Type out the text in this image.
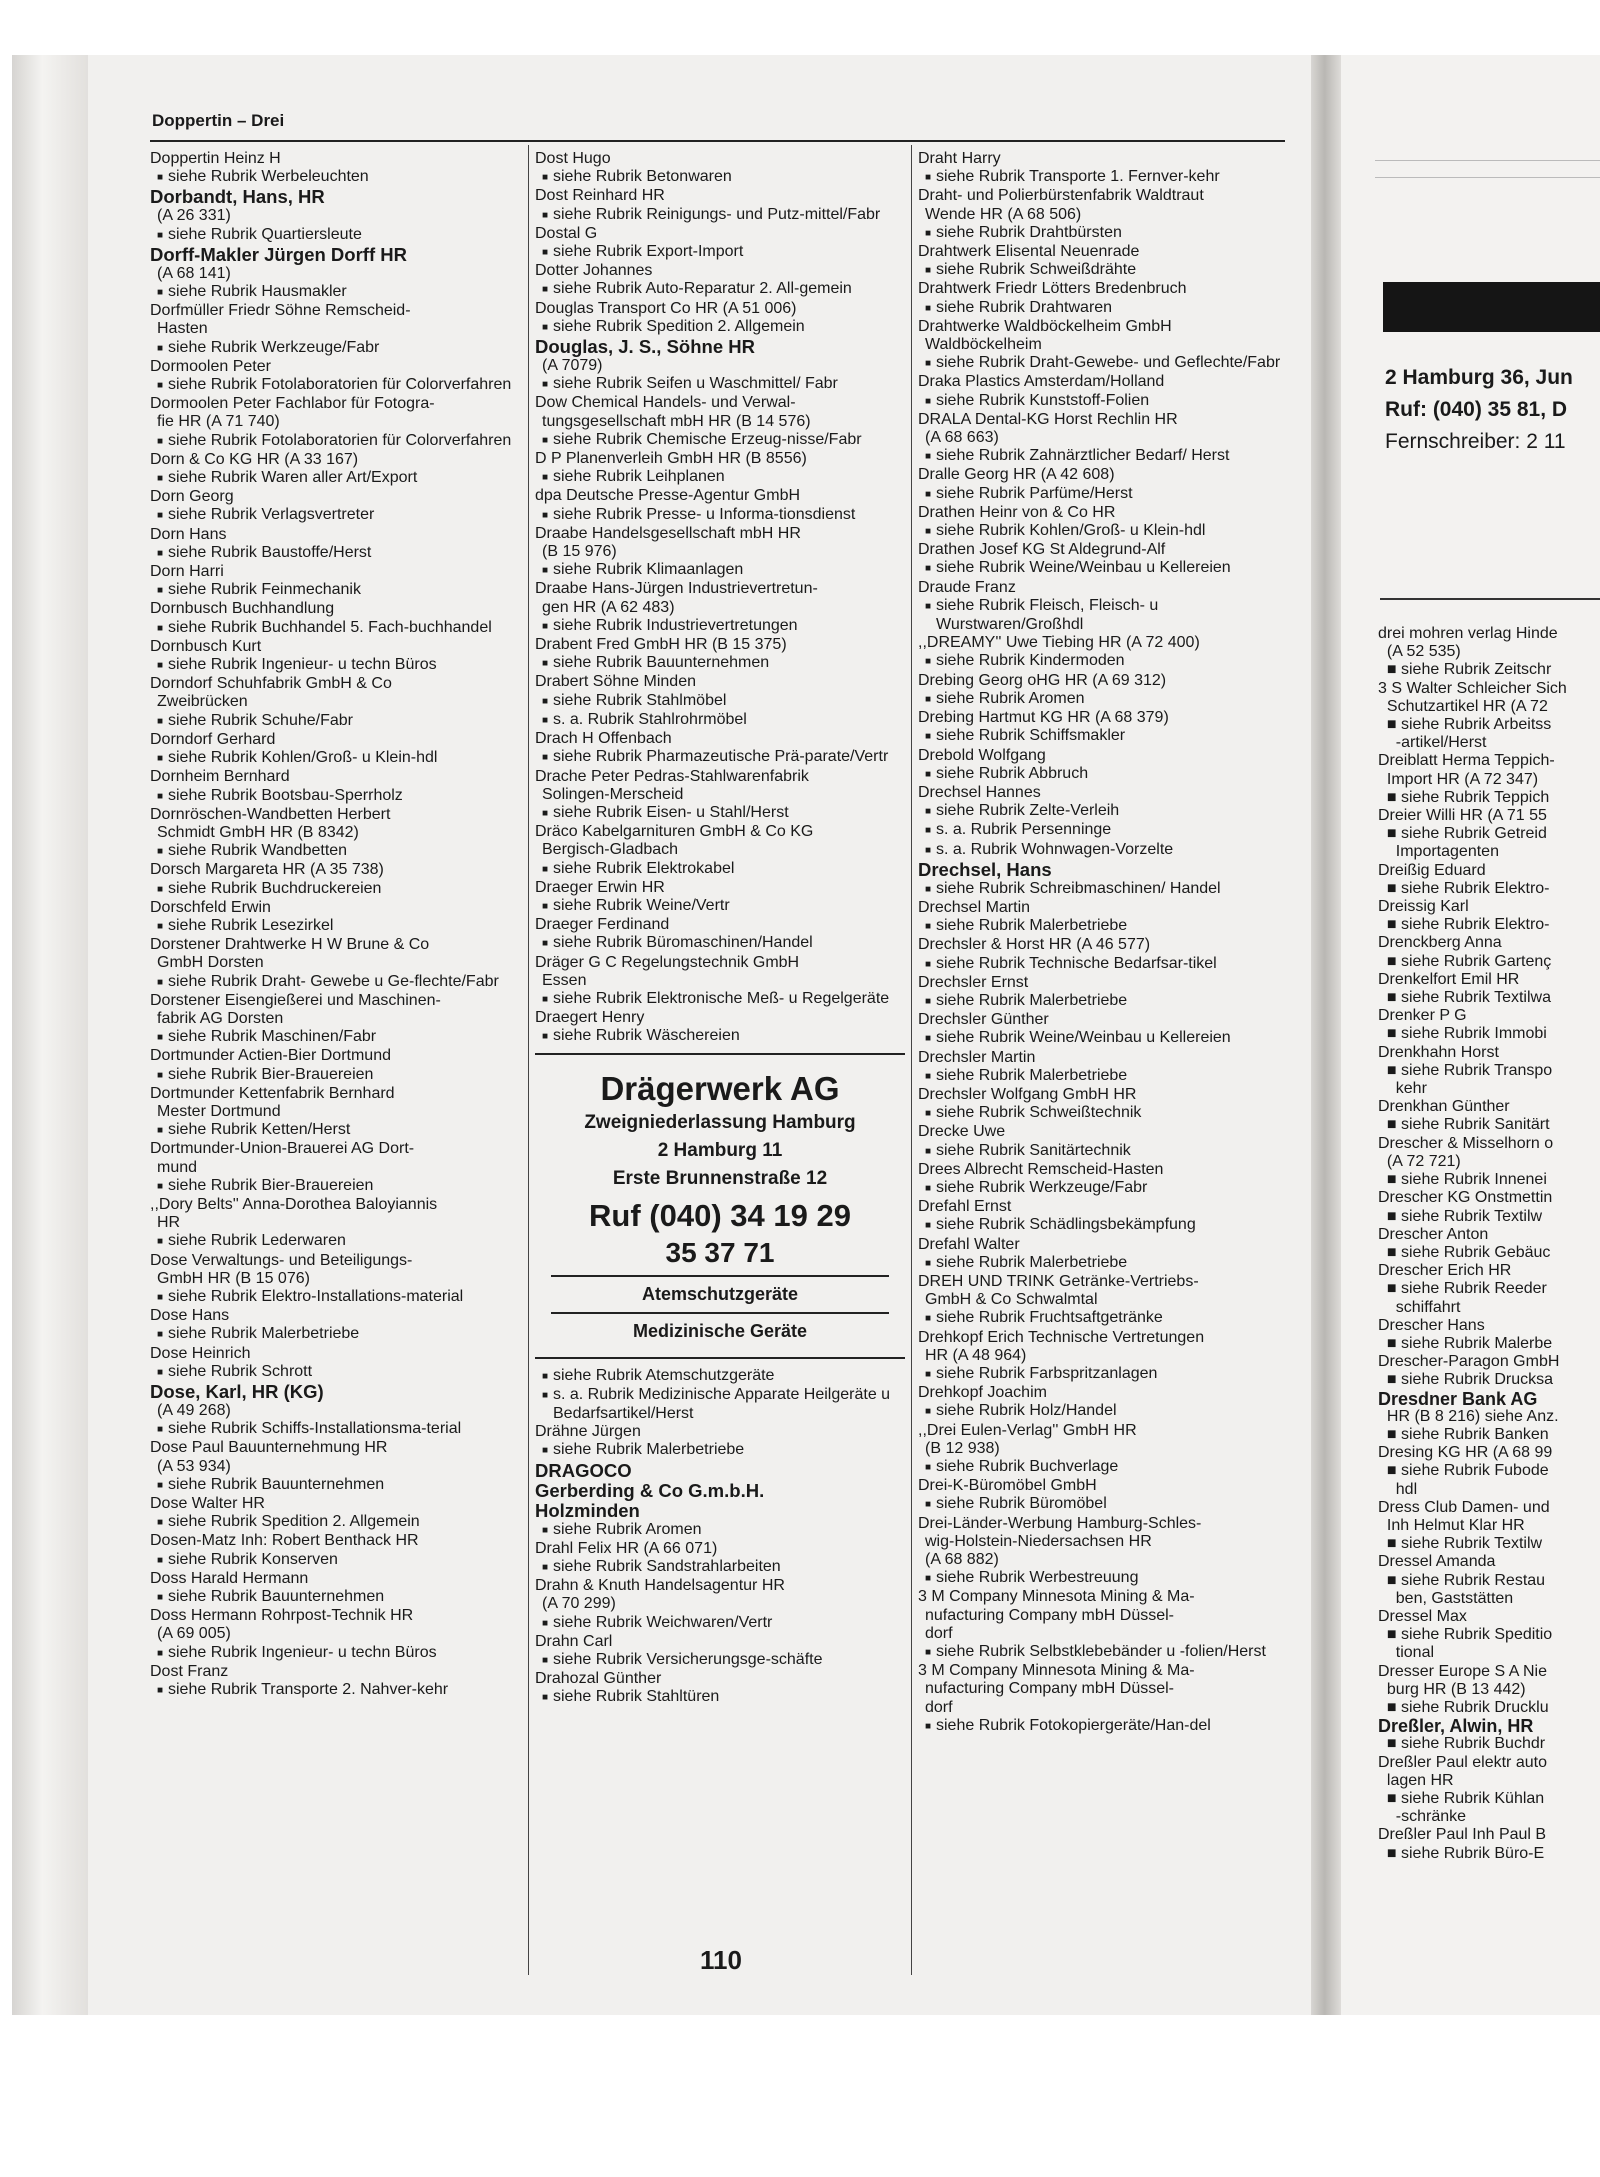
Doppertin – Drei
Doppertin Heinz H
■ siehe Rubrik Werbeleuchten
Dorbandt, Hans, HR
(A 26 331)
■ siehe Rubrik Quartiersleute
Dorff-Makler Jürgen Dorff HR
(A 68 141)
■ siehe Rubrik Hausmakler
Dorfmüller Friedr Söhne Remscheid-
Hasten
■ siehe Rubrik Werkzeuge/Fabr
Dormoolen Peter
■ siehe Rubrik Fotolaboratorien für Colorverfahren
Dormoolen Peter Fachlabor für Fotogra-
fie HR (A 71 740)
■ siehe Rubrik Fotolaboratorien für Colorverfahren
Dorn & Co KG HR (A 33 167)
■ siehe Rubrik Waren aller Art/Export
Dorn Georg
■ siehe Rubrik Verlagsvertreter
Dorn Hans
■ siehe Rubrik Baustoffe/Herst
Dorn Harri
■ siehe Rubrik Feinmechanik
Dornbusch Buchhandlung
■ siehe Rubrik Buchhandel 5. Fach-buchhandel
Dornbusch Kurt
■ siehe Rubrik Ingenieur- u techn Büros
Dorndorf Schuhfabrik GmbH & Co
Zweibrücken
■ siehe Rubrik Schuhe/Fabr
Dorndorf Gerhard
■ siehe Rubrik Kohlen/Groß- u Klein-hdl
Dornheim Bernhard
■ siehe Rubrik Bootsbau-Sperrholz
Dornröschen-Wandbetten Herbert
Schmidt GmbH HR (B 8342)
■ siehe Rubrik Wandbetten
Dorsch Margareta HR (A 35 738)
■ siehe Rubrik Buchdruckereien
Dorschfeld Erwin
■ siehe Rubrik Lesezirkel
Dorstener Drahtwerke H W Brune & Co
GmbH Dorsten
■ siehe Rubrik Draht- Gewebe u Ge-flechte/Fabr
Dorstener Eisengießerei und Maschinen-
fabrik AG Dorsten
■ siehe Rubrik Maschinen/Fabr
Dortmunder Actien-Bier Dortmund
■ siehe Rubrik Bier-Brauereien
Dortmunder Kettenfabrik Bernhard
Mester Dortmund
■ siehe Rubrik Ketten/Herst
Dortmunder-Union-Brauerei AG Dort-
mund
■ siehe Rubrik Bier-Brauereien
,,Dory Belts'' Anna-Dorothea Baloyiannis
HR
■ siehe Rubrik Lederwaren
Dose Verwaltungs- und Beteiligungs-
GmbH HR (B 15 076)
■ siehe Rubrik Elektro-Installations-material
Dose Hans
■ siehe Rubrik Malerbetriebe
Dose Heinrich
■ siehe Rubrik Schrott
Dose, Karl, HR (KG)
(A 49 268)
■ siehe Rubrik Schiffs-Installationsma-terial
Dose Paul Bauunternehmung HR
(A 53 934)
■ siehe Rubrik Bauunternehmen
Dose Walter HR
■ siehe Rubrik Spedition 2. Allgemein
Dosen-Matz Inh: Robert Benthack HR
■ siehe Rubrik Konserven
Doss Harald Hermann
■ siehe Rubrik Bauunternehmen
Doss Hermann Rohrpost-Technik HR
(A 69 005)
■ siehe Rubrik Ingenieur- u techn Büros
Dost Franz
■ siehe Rubrik Transporte 2. Nahver-kehr
Dost Hugo
■ siehe Rubrik Betonwaren
Dost Reinhard HR
■ siehe Rubrik Reinigungs- und Putz-mittel/Fabr
Dostal G
■ siehe Rubrik Export-Import
Dotter Johannes
■ siehe Rubrik Auto-Reparatur 2. All-gemein
Douglas Transport Co HR (A 51 006)
■ siehe Rubrik Spedition 2. Allgemein
Douglas, J. S., Söhne HR
(A 7079)
■ siehe Rubrik Seifen u Waschmittel/ Fabr
Dow Chemical Handels- und Verwal-
tungsgesellschaft mbH HR (B 14 576)
■ siehe Rubrik Chemische Erzeug-nisse/Fabr
D P Planenverleih GmbH HR (B 8556)
■ siehe Rubrik Leihplanen
dpa Deutsche Presse-Agentur GmbH
■ siehe Rubrik Presse- u Informa-tionsdienst
Draabe Handelsgesellschaft mbH HR
(B 15 976)
■ siehe Rubrik Klimaanlagen
Draabe Hans-Jürgen Industrievertretun-
gen HR (A 62 483)
■ siehe Rubrik Industrievertretungen
Drabent Fred GmbH HR (B 15 375)
■ siehe Rubrik Bauunternehmen
Drabert Söhne Minden
■ siehe Rubrik Stahlmöbel
■ s. a. Rubrik Stahlrohrmöbel
Drach H Offenbach
■ siehe Rubrik Pharmazeutische Prä-parate/Vertr
Drache Peter Pedras-Stahlwarenfabrik
Solingen-Merscheid
■ siehe Rubrik Eisen- u Stahl/Herst
Dräco Kabelgarnituren GmbH & Co KG
Bergisch-Gladbach
■ siehe Rubrik Elektrokabel
Draeger Erwin HR
■ siehe Rubrik Weine/Vertr
Draeger Ferdinand
■ siehe Rubrik Büromaschinen/Handel
Dräger G C Regelungstechnik GmbH
Essen
■ siehe Rubrik Elektronische Meß- u Regelgeräte
Draegert Henry
■ siehe Rubrik Wäschereien
Drägerwerk AG
Zweigniederlassung Hamburg
2 Hamburg 11
Erste Brunnenstraße 12
Ruf (040) 34 19 29
35 37 71
Atemschutzgeräte
Medizinische Geräte
■ siehe Rubrik Atemschutzgeräte
■ s. a. Rubrik Medizinische Apparate Heilgeräte u Bedarfsartikel/Herst
Drähne Jürgen
■ siehe Rubrik Malerbetriebe
DRAGOCO
Gerberding & Co G.m.b.H.
Holzminden
■ siehe Rubrik Aromen
Drahl Felix HR (A 66 071)
■ siehe Rubrik Sandstrahlarbeiten
Drahn & Knuth Handelsagentur HR
(A 70 299)
■ siehe Rubrik Weichwaren/Vertr
Drahn Carl
■ siehe Rubrik Versicherungsge-schäfte
Drahozal Günther
■ siehe Rubrik Stahltüren
Draht Harry
■ siehe Rubrik Transporte 1. Fernver-kehr
Draht- und Polierbürstenfabrik Waldtraut
Wende HR (A 68 506)
■ siehe Rubrik Drahtbürsten
Drahtwerk Elisental Neuenrade
■ siehe Rubrik Schweißdrähte
Drahtwerk Friedr Lötters Bredenbruch
■ siehe Rubrik Drahtwaren
Drahtwerke Waldböckelheim GmbH
Waldböckelheim
■ siehe Rubrik Draht-Gewebe- und Geflechte/Fabr
Draka Plastics Amsterdam/Holland
■ siehe Rubrik Kunststoff-Folien
DRALA Dental-KG Horst Rechlin HR
(A 68 663)
■ siehe Rubrik Zahnärztlicher Bedarf/ Herst
Dralle Georg HR (A 42 608)
■ siehe Rubrik Parfüme/Herst
Drathen Heinr von & Co HR
■ siehe Rubrik Kohlen/Groß- u Klein-hdl
Drathen Josef KG St Aldegrund-Alf
■ siehe Rubrik Weine/Weinbau u Kellereien
Draude Franz
■ siehe Rubrik Fleisch, Fleisch- u Wurstwaren/Großhdl
,,DREAMY'' Uwe Tiebing HR (A 72 400)
■ siehe Rubrik Kindermoden
Drebing Georg oHG HR (A 69 312)
■ siehe Rubrik Aromen
Drebing Hartmut KG HR (A 68 379)
■ siehe Rubrik Schiffsmakler
Drebold Wolfgang
■ siehe Rubrik Abbruch
Drechsel Hannes
■ siehe Rubrik Zelte-Verleih
■ s. a. Rubrik Persenninge
■ s. a. Rubrik Wohnwagen-Vorzelte
Drechsel, Hans
■ siehe Rubrik Schreibmaschinen/ Handel
Drechsel Martin
■ siehe Rubrik Malerbetriebe
Drechsler & Horst HR (A 46 577)
■ siehe Rubrik Technische Bedarfsar-tikel
Drechsler Ernst
■ siehe Rubrik Malerbetriebe
Drechsler Günther
■ siehe Rubrik Weine/Weinbau u Kellereien
Drechsler Martin
■ siehe Rubrik Malerbetriebe
Drechsler Wolfgang GmbH HR
■ siehe Rubrik Schweißtechnik
Drecke Uwe
■ siehe Rubrik Sanitärtechnik
Drees Albrecht Remscheid-Hasten
■ siehe Rubrik Werkzeuge/Fabr
Drefahl Ernst
■ siehe Rubrik Schädlingsbekämpfung
Drefahl Walter
■ siehe Rubrik Malerbetriebe
DREH UND TRINK Getränke-Vertriebs-
GmbH & Co Schwalmtal
■ siehe Rubrik Fruchtsaftgetränke
Drehkopf Erich Technische Vertretungen
HR (A 48 964)
■ siehe Rubrik Farbspritzanlagen
Drehkopf Joachim
■ siehe Rubrik Holz/Handel
,,Drei Eulen-Verlag'' GmbH HR
(B 12 938)
■ siehe Rubrik Buchverlage
Drei-K-Büromöbel GmbH
■ siehe Rubrik Büromöbel
Drei-Länder-Werbung Hamburg-Schles-
wig-Holstein-Niedersachsen HR
(A 68 882)
■ siehe Rubrik Werbestreuung
3 M Company Minnesota Mining & Ma-
nufacturing Company mbH Düssel-
dorf
■ siehe Rubrik Selbstklebebänder u -folien/Herst
3 M Company Minnesota Mining & Ma-
nufacturing Company mbH Düssel-
dorf
■ siehe Rubrik Fotokopiergeräte/Han-del
110
2 Hamburg 36, Jun
Ruf: (040) 35 81, D
Fernschreiber: 2 11
drei mohren verlag Hinde
(A 52 535)
■ siehe Rubrik Zeitschr
3 S Walter Schleicher Sich
Schutzartikel HR (A 72
■ siehe Rubrik Arbeitss
-artikel/Herst
Dreiblatt Herma Teppich-
Import HR (A 72 347)
■ siehe Rubrik Teppich
Dreier Willi HR (A 71 55
■ siehe Rubrik Getreid
Importagenten
Dreißig Eduard
■ siehe Rubrik Elektro-
Dreissig Karl
■ siehe Rubrik Elektro-
Drenckberg Anna
■ siehe Rubrik Gartenç
Drenkelfort Emil HR
■ siehe Rubrik Textilwa
Drenker P G
■ siehe Rubrik Immobi
Drenkhahn Horst
■ siehe Rubrik Transpo
kehr
Drenkhan Günther
■ siehe Rubrik Sanitärt
Drescher & Misselhorn o
(A 72 721)
■ siehe Rubrik Innenei
Drescher KG Onstmettin
■ siehe Rubrik Textilw
Drescher Anton
■ siehe Rubrik Gebäuc
Drescher Erich HR
■ siehe Rubrik Reeder
schiffahrt
Drescher Hans
■ siehe Rubrik Malerbe
Drescher-Paragon GmbH
■ siehe Rubrik Drucksa
Dresdner Bank AG
HR (B 8 216) siehe Anz.
■ siehe Rubrik Banken
Dresing KG HR (A 68 99
■ siehe Rubrik Fubode
hdl
Dress Club Damen- und
Inh Helmut Klar HR
■ siehe Rubrik Textilw
Dressel Amanda
■ siehe Rubrik Restau
ben, Gaststätten
Dressel Max
■ siehe Rubrik Speditio
tional
Dresser Europe S A Nie
burg HR (B 13 442)
■ siehe Rubrik Drucklu
Dreßler, Alwin, HR
■ siehe Rubrik Buchdr
Dreßler Paul elektr auto
lagen HR
■ siehe Rubrik Kühlan
-schränke
Dreßler Paul Inh Paul B
■ siehe Rubrik Büro-E
